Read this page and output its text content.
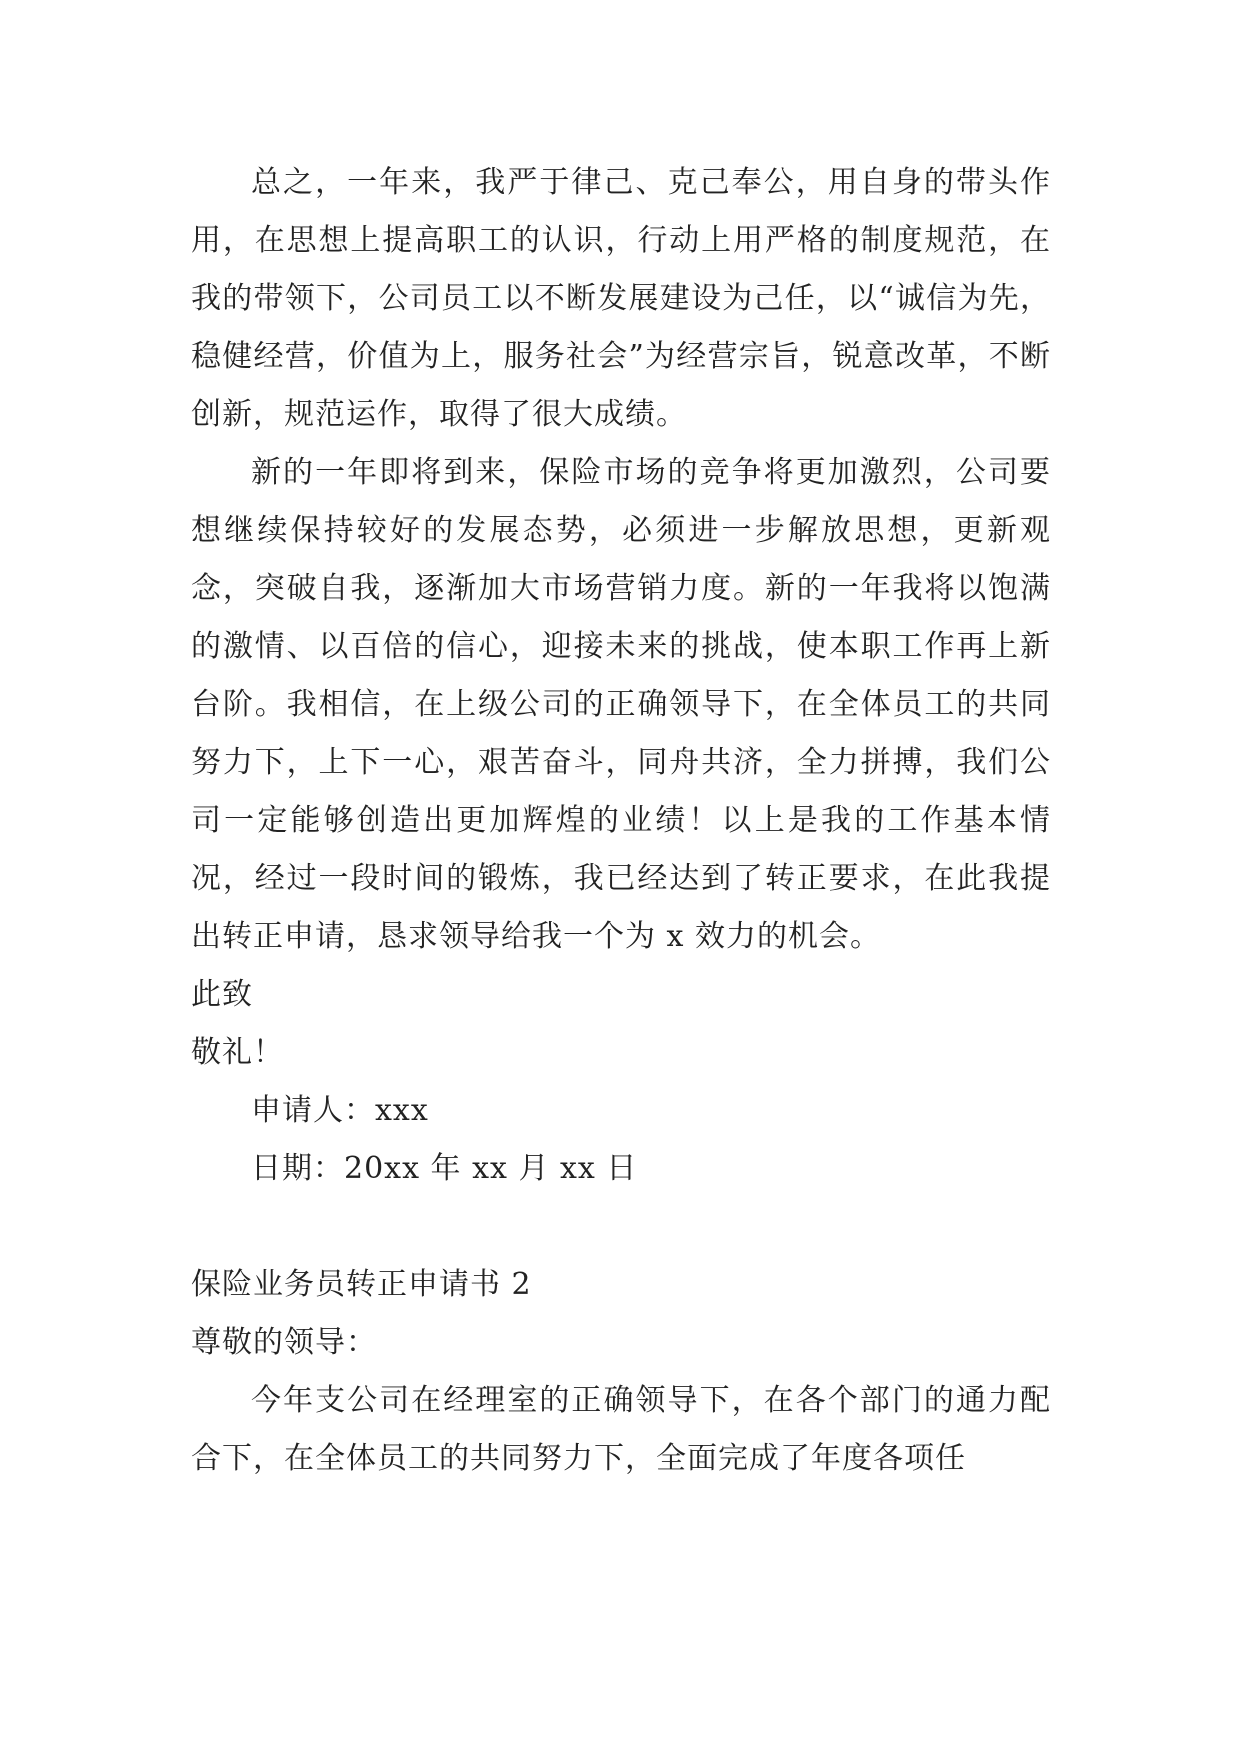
总之，一年来，我严于律己、克己奉公，用自身的带头作用，在思想上提高职工的认识，行动上用严格的制度规范，在我的带领下，公司员工以不断发展建设为己任，以“诚信为先，稳健经营，价值为上，服务社会”为经营宗旨，锐意改革，不断创新，规范运作，取得了很大成绩。

新的一年即将到来，保险市场的竞争将更加激烈，公司要想继续保持较好的发展态势，必须进一步解放思想，更新观念，突破自我，逐渐加大市场营销力度。新的一年我将以饱满的激情、以百倍的信心，迎接未来的挑战，使本职工作再上新台阶。我相信，在上级公司的正确领导下，在全体员工的共同努力下，上下一心，艰苦奋斗，同舟共济，全力拼搏，我们公司一定能够创造出更加辉煌的业绩！以上是我的工作基本情况，经过一段时间的锻炼，我已经达到了转正要求，在此我提出转正申请，恳求领导给我一个为 x 效力的机会。

此致

敬礼！

申请人：xxx

日期：20xx 年 xx 月 xx 日

保险业务员转正申请书 2

尊敬的领导：

今年支公司在经理室的正确领导下，在各个部门的通力配合下，在全体员工的共同努力下，全面完成了年度各项任
